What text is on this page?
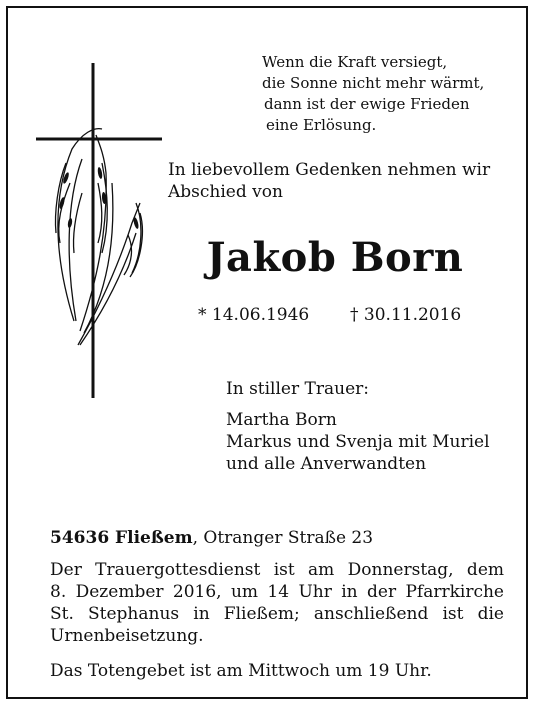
Wenn die Kraft versiegt,
die Sonne nicht mehr wärmt,
dann ist der ewige Frieden
eine Erlösung.
In liebevollem Gedenken nehmen wir
Abschied von
Jakob Born
* 14.06.1946 † 30.11.2016
In stiller Trauer:
Martha Born
Markus und Svenja mit Muriel
und alle Anverwandten
54636 Fließem, Otranger Straße 23
Der Trauergottesdienst ist am Donnerstag, dem
8. Dezember 2016, um 14 Uhr in der Pfarrkirche
St. Stephanus in Fließem; anschließend ist die
Urnenbeisetzung.
Das Totengebet ist am Mittwoch um 19 Uhr.
